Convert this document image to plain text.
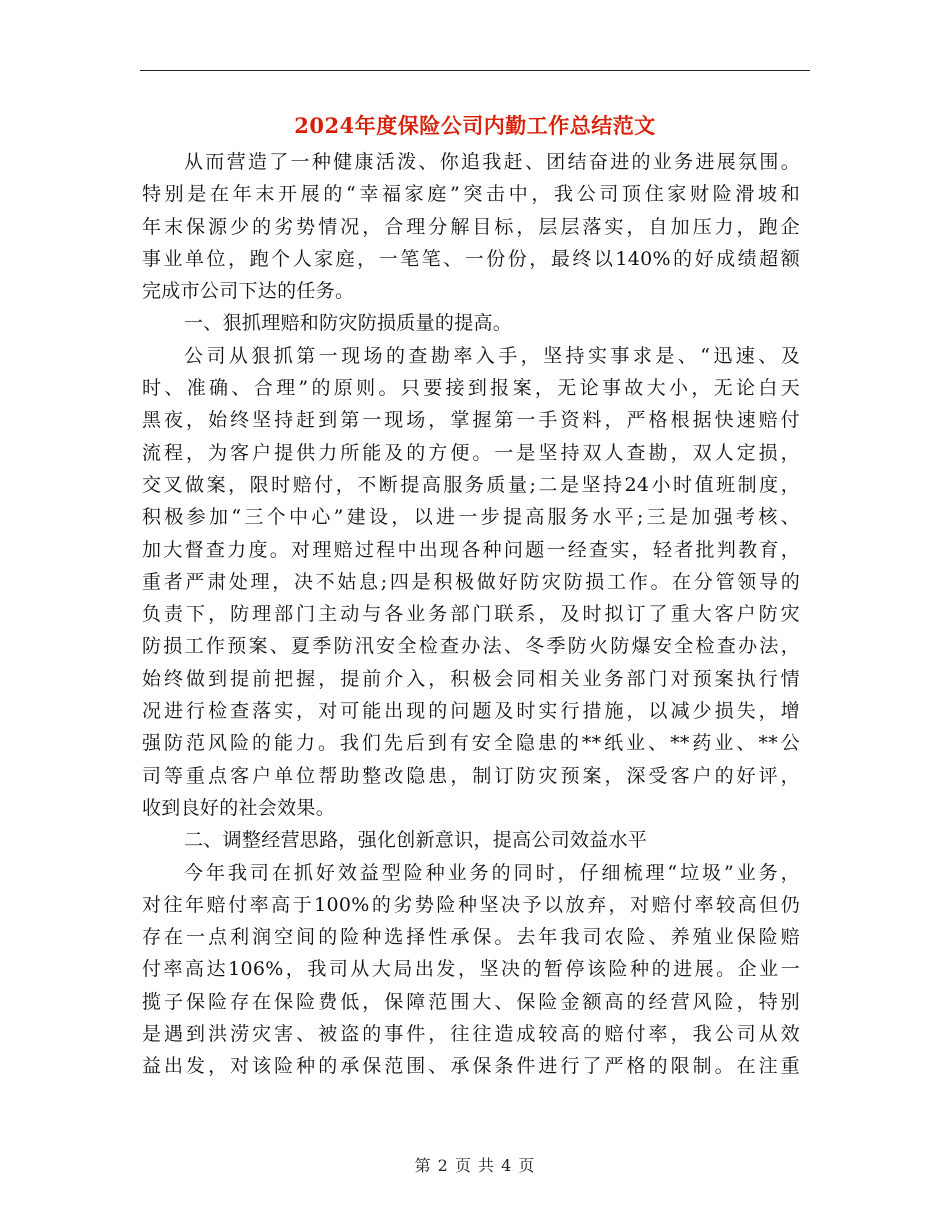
2024年度保险公司内勤工作总结范文
从而营造了一种健康活泼、你追我赶、团结奋进的业务进展氛围。
特别是在年末开展的“幸福家庭”突击中，我公司顶住家财险滑坡和
年末保源少的劣势情况，合理分解目标，层层落实，自加压力，跑企
事业单位，跑个人家庭，一笔笔、一份份，最终以140%的好成绩超额
完成市公司下达的任务。
一、狠抓理赔和防灾防损质量的提高。
公司从狠抓第一现场的查勘率入手，坚持实事求是、“迅速、及
时、准确、合理”的原则。只要接到报案，无论事故大小，无论白天
黑夜，始终坚持赶到第一现场，掌握第一手资料，严格根据快速赔付
流程，为客户提供力所能及的方便。一是坚持双人查勘，双人定损，
交叉做案，限时赔付，不断提高服务质量;二是坚持24小时值班制度，
积极参加“三个中心”建设，以进一步提高服务水平;三是加强考核、
加大督查力度。对理赔过程中出现各种问题一经查实，轻者批判教育，
重者严肃处理，决不姑息;四是积极做好防灾防损工作。在分管领导的
负责下，防理部门主动与各业务部门联系，及时拟订了重大客户防灾
防损工作预案、夏季防汛安全检查办法、冬季防火防爆安全检查办法，
始终做到提前把握，提前介入，积极会同相关业务部门对预案执行情
况进行检查落实，对可能出现的问题及时实行措施，以减少损失，增
强防范风险的能力。我们先后到有安全隐患的**纸业、**药业、**公
司等重点客户单位帮助整改隐患，制订防灾预案，深受客户的好评，
收到良好的社会效果。
二、调整经营思路，强化创新意识，提高公司效益水平
今年我司在抓好效益型险种业务的同时，仔细梳理“垃圾”业务，
对往年赔付率高于100%的劣势险种坚决予以放弃，对赔付率较高但仍
存在一点利润空间的险种选择性承保。去年我司农险、养殖业保险赔
付率高达106%，我司从大局出发，坚决的暂停该险种的进展。企业一
揽子保险存在保险费低，保障范围大、保险金额高的经营风险，特别
是遇到洪涝灾害、被盗的事件，往往造成较高的赔付率，我公司从效
益出发，对该险种的承保范围、承保条件进行了严格的限制。在注重
第 2 页 共 4 页
